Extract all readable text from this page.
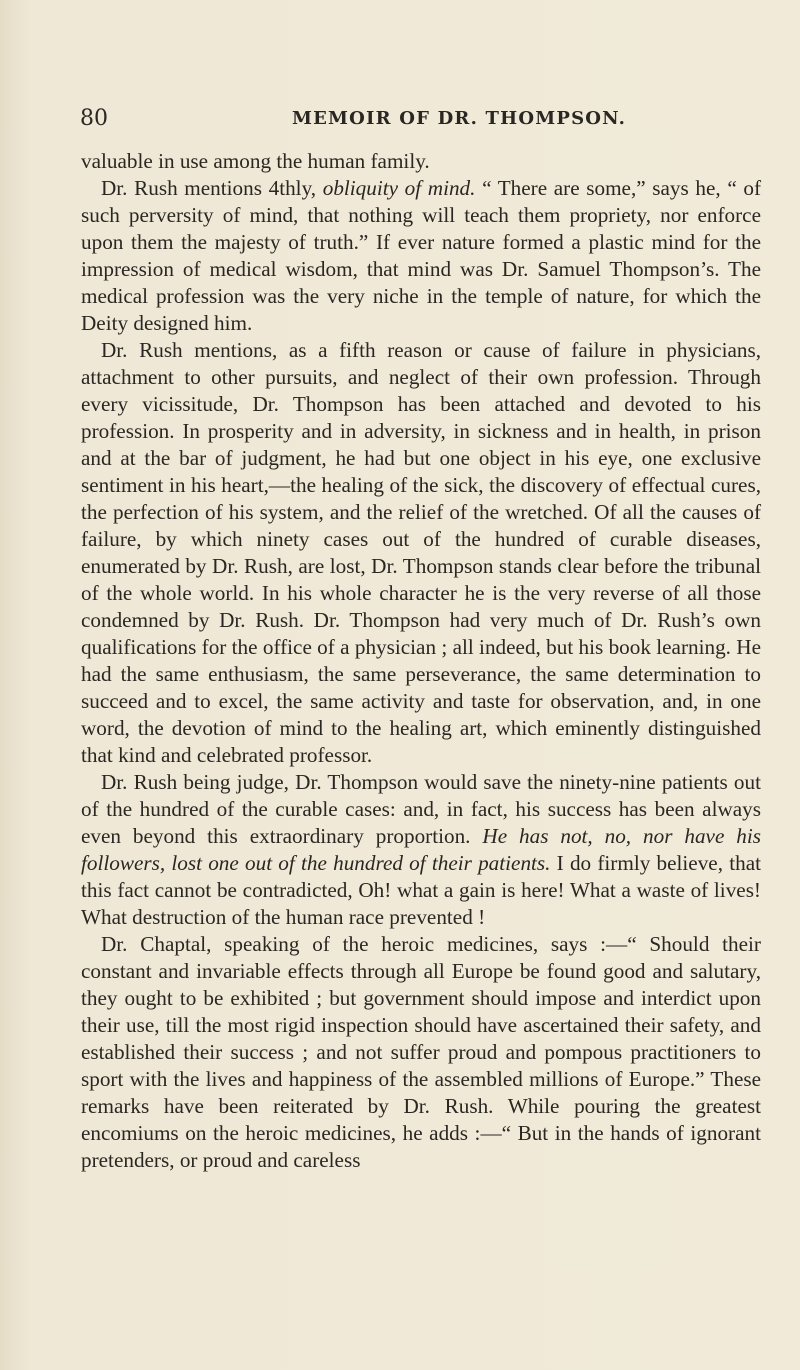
80	MEMOIR OF DR. THOMPSON.

valuable in use among the human family.

Dr. Rush mentions 4thly, obliquity of mind. “ There are some,” says he, “ of such perversity of mind, that nothing will teach them propriety, nor enforce upon them the majesty of truth.” If ever nature formed a plastic mind for the impression of medical wisdom, that mind was Dr. Samuel Thompson’s. The medical profession was the very niche in the temple of nature, for which the Deity designed him.

Dr. Rush mentions, as a fifth reason or cause of failure in physicians, attachment to other pursuits, and neglect of their own profession. Through every vicissitude, Dr. Thompson has been attached and devoted to his profession. In prosperity and in adversity, in sickness and in health, in prison and at the bar of judgment, he had but one object in his eye, one exclusive sentiment in his heart,—the healing of the sick, the discovery of effectual cures, the perfection of his system, and the relief of the wretched. Of all the causes of failure, by which ninety cases out of the hundred of curable diseases, enumerated by Dr. Rush, are lost, Dr. Thompson stands clear before the tribunal of the whole world. In his whole character he is the very reverse of all those condemned by Dr. Rush. Dr. Thompson had very much of Dr. Rush’s own qualifications for the office of a physician ; all indeed, but his book learning. He had the same enthusiasm, the same perseverance, the same determination to succeed and to excel, the same activity and taste for observation, and, in one word, the devotion of mind to the healing art, which eminently distinguished that kind and celebrated professor.

Dr. Rush being judge, Dr. Thompson would save the ninety-nine patients out of the hundred of the curable cases: and, in fact, his success has been always even beyond this extraordinary proportion. He has not, no, nor have his followers, lost one out of the hundred of their patients. I do firmly believe, that this fact cannot be contradicted, Oh! what a gain is here! What a waste of lives! What destruction of the human race prevented !

Dr. Chaptal, speaking of the heroic medicines, says :—“ Should their constant and invariable effects through all Europe be found good and salutary, they ought to be exhibited ; but government should impose and interdict upon their use, till the most rigid inspection should have ascertained their safety, and established their success ; and not suffer proud and pompous practitioners to sport with the lives and happiness of the assembled millions of Europe.” These remarks have been reiterated by Dr. Rush. While pouring the greatest encomiums on the heroic medicines, he adds :—“ But in the hands of ignorant pretenders, or proud and careless
